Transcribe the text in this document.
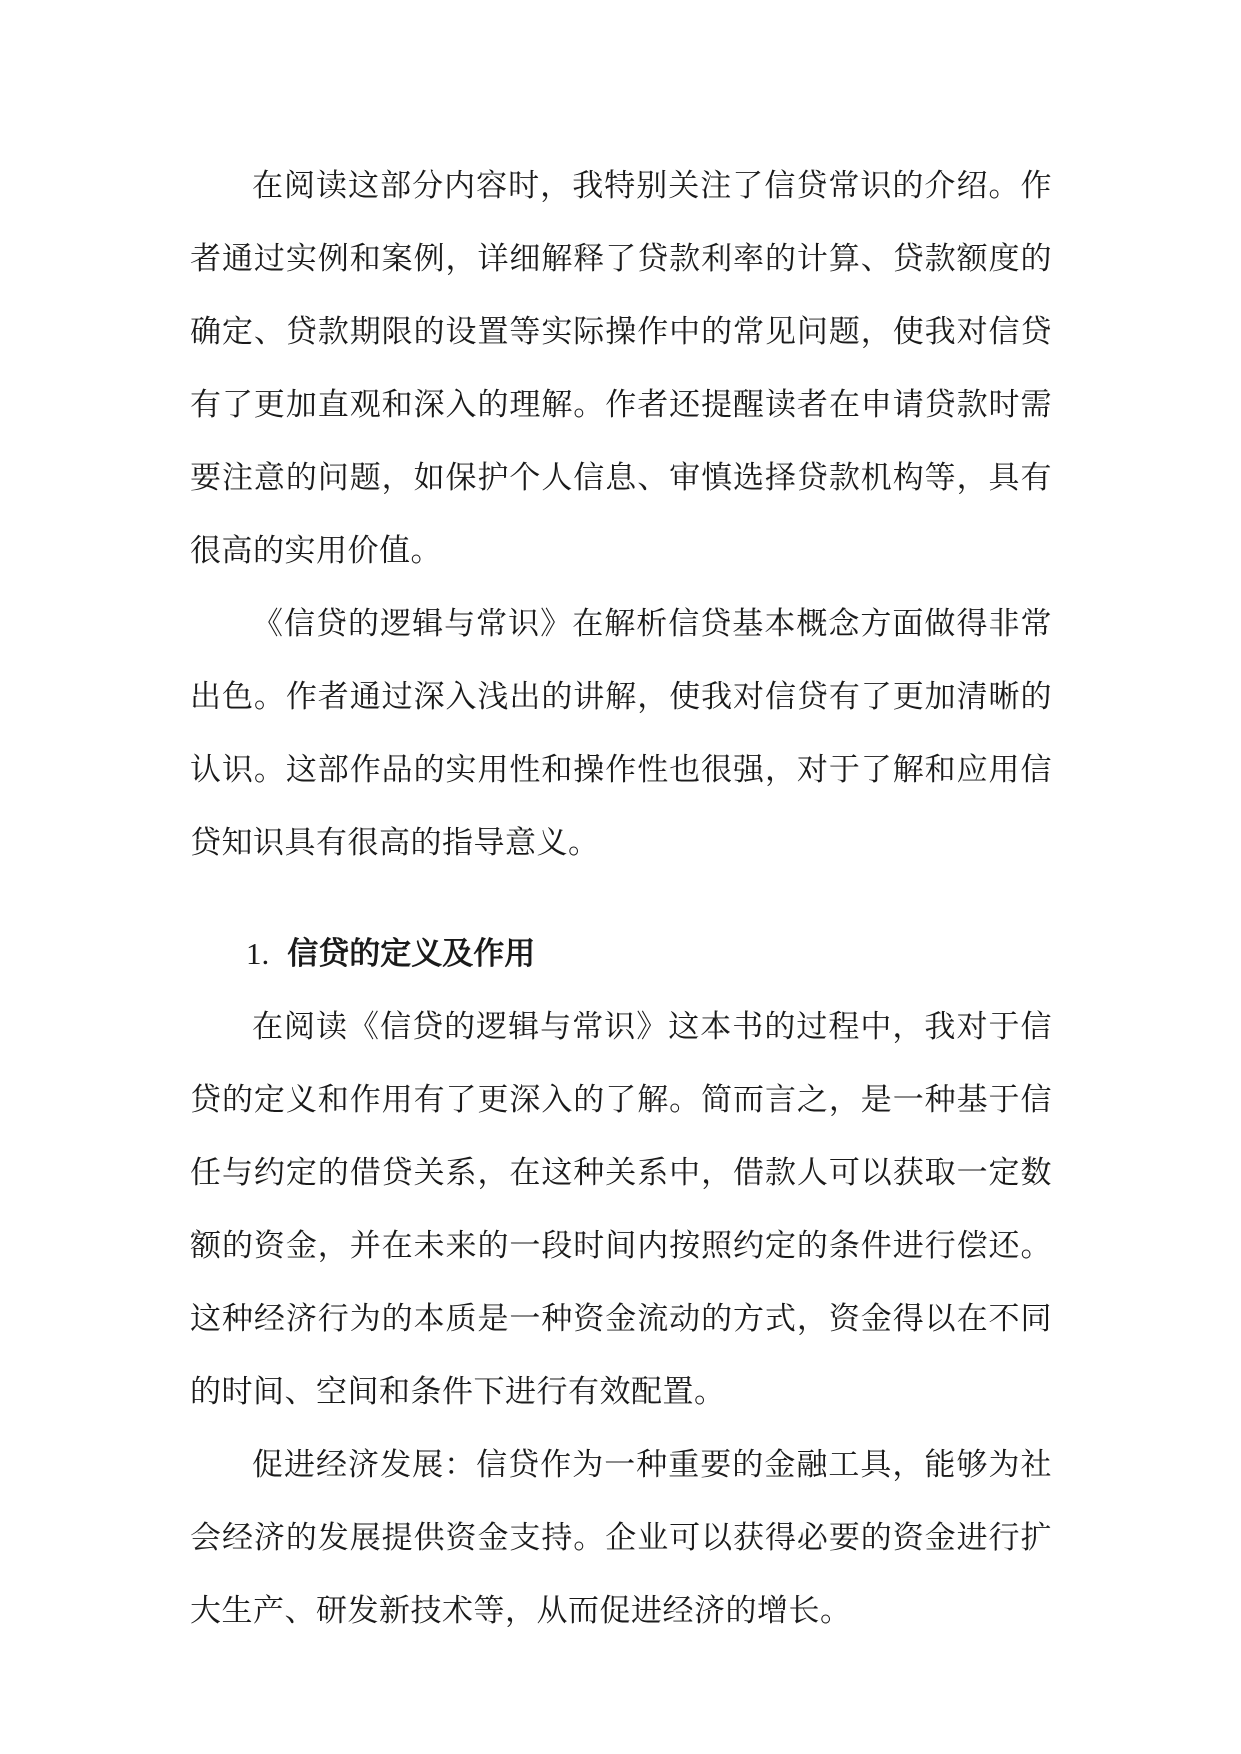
在阅读这部分内容时，我特别关注了信贷常识的介绍。作者通过实例和案例，详细解释了贷款利率的计算、贷款额度的确定、贷款期限的设置等实际操作中的常见问题，使我对信贷有了更加直观和深入的理解。作者还提醒读者在申请贷款时需要注意的问题，如保护个人信息、审慎选择贷款机构等，具有很高的实用价值。

《信贷的逻辑与常识》在解析信贷基本概念方面做得非常出色。作者通过深入浅出的讲解，使我对信贷有了更加清晰的认识。这部作品的实用性和操作性也很强，对于了解和应用信贷知识具有很高的指导意义。

1. 信贷的定义及作用

在阅读《信贷的逻辑与常识》这本书的过程中，我对于信贷的定义和作用有了更深入的了解。简而言之，是一种基于信任与约定的借贷关系，在这种关系中，借款人可以获取一定数额的资金，并在未来的一段时间内按照约定的条件进行偿还。这种经济行为的本质是一种资金流动的方式，资金得以在不同的时间、空间和条件下进行有效配置。

促进经济发展：信贷作为一种重要的金融工具，能够为社会经济的发展提供资金支持。企业可以获得必要的资金进行扩大生产、研发新技术等，从而促进经济的增长。
